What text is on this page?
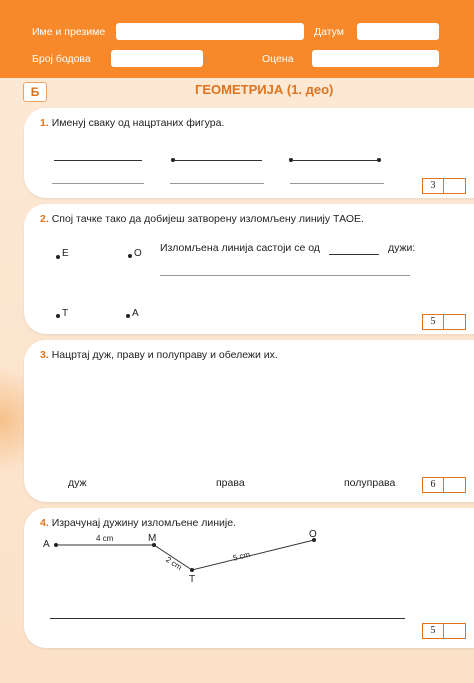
Име и презиме	Датум
Број бодова	Оцена
Б	ГЕОМЕТРИЈА (1. део)
1. Именуј сваку од нацртаних фигура.
3
2. Спој тачке тако да добијеш затворену изломљену линију ТАОЕ.
E	O
T	A
Изломљена линија састоји се од	дужи:
5
3. Нацртај дуж, праву и полуправу и обележи их.
дуж	права	полуправа	6
4. Израчунај дужину изломљене линије.
A
M
T
O
4 cm
2 cm	5 cm
5
